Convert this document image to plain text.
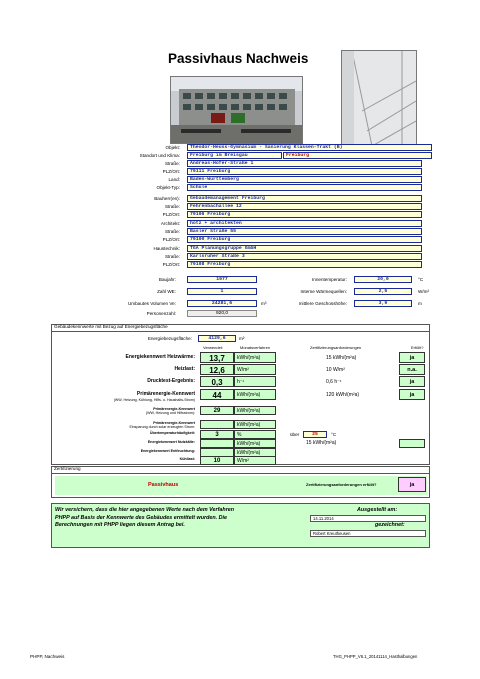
Passivhaus Nachweis
Objekt:	Theodor-Heuss-Gymnasium - Sanierung Klassen-Trakt (B)
Standort und Klima:	Freiburg im Breisgau
Straße:	Andreas-Hofer-Straße 1
PLZ/Ort:	79111 Freiburg
Land:	Baden-Württemberg
Objekt-Typ:	Schule
Bauherr(en):	Gebäudemanagement Freiburg
Straße:	Fehrenbachallee 12
PLZ/Ort:	79106 Freiburg
Architekt:	hotz + architekten
Straße:	Basler Straße 55
PLZ/Ort:	79100 Freiburg
Haustechnik:	TGA Planungsgruppe GmbH
Straße:	Karlsruher Straße 3
PLZ/Ort:	79108 Freiburg
Freiburg
Baujahr:	1977
Zahl WE:	1
Umbautes Volumen Ve:	24281,6	m³
Personenzahl:	920,0
Innentemperatur:	20,0	°C
Interne Wärmequellen:	2,5	W/m²
mittlere Geschosshöhe:	3,9	m
Gebäudekennwerte mit Bezug auf Energiebezugsfläche
Energiebezugsfläche:	4129,6	m²
Verwendet:	Monatsverfahren	Zertifizierungsanforderungen	Erfüllt?
Energiekennwert Heizwärme:	13,7	kWh/(m²a)	15 kWh/(m²a)	ja
Heizlast:	12,6	W/m²	10 W/m²	n.a.
Drucktest-Ergebnis:	0,3	h⁻¹	0,6 h⁻¹	ja
Primärenergie-Kennwert
(WW, Heizung, Kühlung, Hilfs- u. Haushalts-Strom)	44	kWh/(m²a)	120 kWh/(m²a)	ja
Primärenergie-Kennwert
(WW, Heizung und Hilfsstrom):	29	kWh/(m²a)
Primärenergie-Kennwert
Einsparung durch solar erzeugten Strom:	kWh/(m²a)
Übertemperaturhäufigkeit:	3	%	über	25	°C
Energiekennwert Nutzkälte:	kWh/(m²a)	15 kWh/(m²a)
Energiekennwert Entfeuchtung:	kWh/(m²a)
Kühllast:	10	W/m²
Zertifizierung
Passivhaus	Zertifizierungsanforderungen erfüllt?	ja
Wir versichern, dass die hier angegebenen Werte nach dem Verfahren PHPP auf Basis der Kennwerte des Gebäudes ermittelt wurden. Die Berechnungen mit PHPP liegen diesem Antrag bei.
Ausgestellt am:
14.11.2014
gezeichnet:
Robert Kreutheusen
PHPP, Nachweis	THG_PHPP_V6.1_20141114_Hasthalbungen
